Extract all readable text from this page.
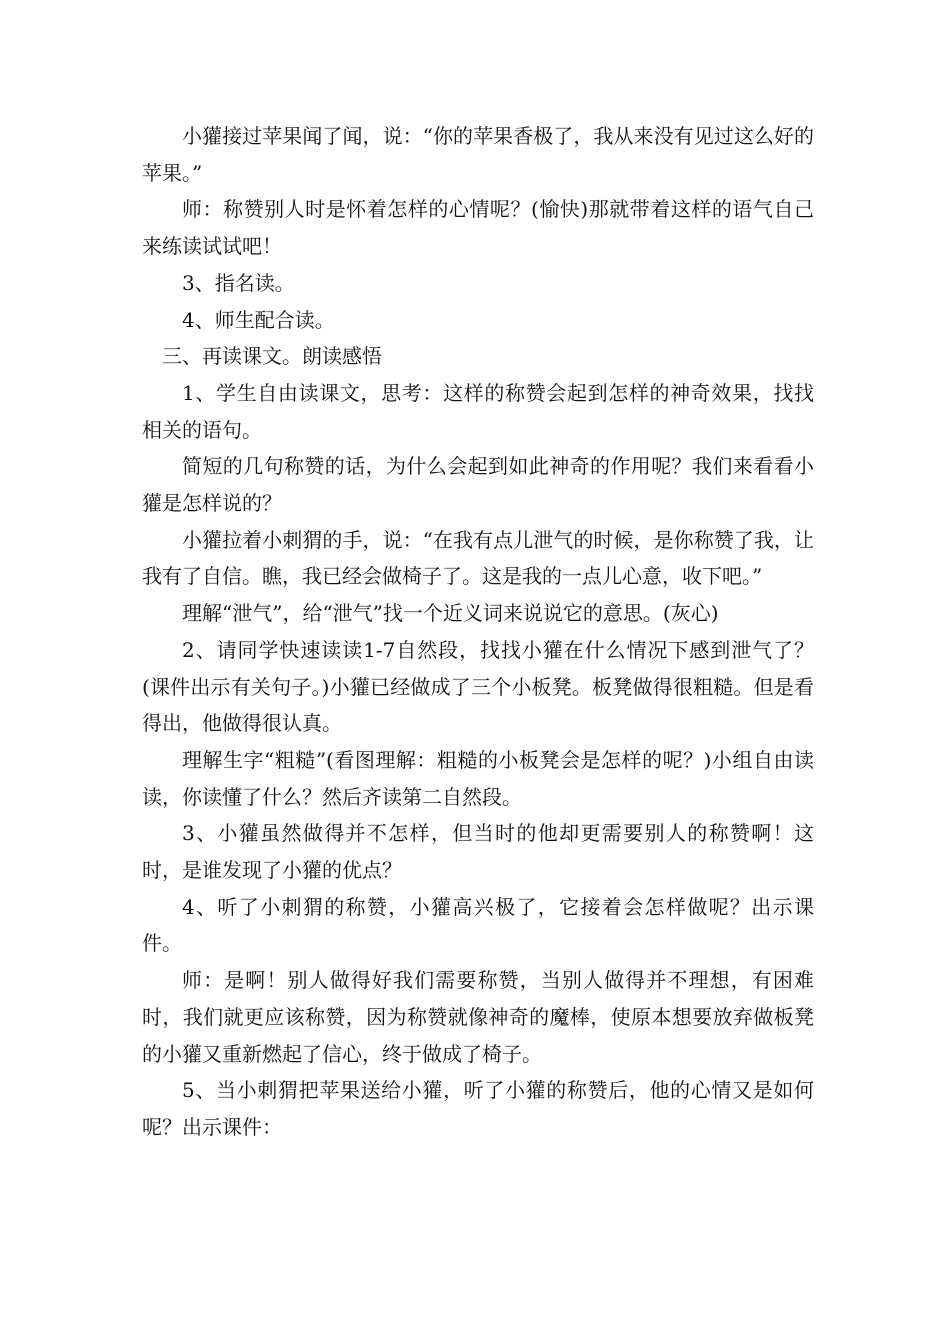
小獾接过苹果闻了闻，说：“你的苹果香极了，我从来没有见过这么好的苹果。”

师：称赞别人时是怀着怎样的心情呢？(愉快)那就带着这样的语气自己来练读试试吧！

3、指名读。

4、师生配合读。

三、再读课文。朗读感悟

1、学生自由读课文，思考：这样的称赞会起到怎样的神奇效果，找找相关的语句。

简短的几句称赞的话，为什么会起到如此神奇的作用呢？我们来看看小獾是怎样说的？

小獾拉着小刺猬的手，说：“在我有点儿泄气的时候，是你称赞了我，让我有了自信。瞧，我已经会做椅子了。这是我的一点儿心意，收下吧。”

理解“泄气”，给“泄气”找一个近义词来说说它的意思。(灰心)

2、请同学快速读读1-7自然段，找找小獾在什么情况下感到泄气了？ (课件出示有关句子。)小獾已经做成了三个小板凳。板凳做得很粗糙。但是看得出，他做得很认真。

理解生字“粗糙”(看图理解：粗糙的小板凳会是怎样的呢？)小组自由读读，你读懂了什么？然后齐读第二自然段。

3、小獾虽然做得并不怎样，但当时的他却更需要别人的称赞啊！这时，是谁发现了小獾的优点？

4、听了小刺猬的称赞，小獾高兴极了，它接着会怎样做呢？出示课件。

师：是啊！别人做得好我们需要称赞，当别人做得并不理想，有困难时，我们就更应该称赞，因为称赞就像神奇的魔棒，使原本想要放弃做板凳的小獾又重新燃起了信心，终于做成了椅子。

5、当小刺猬把苹果送给小獾，听了小獾的称赞后，他的心情又是如何呢？出示课件：
